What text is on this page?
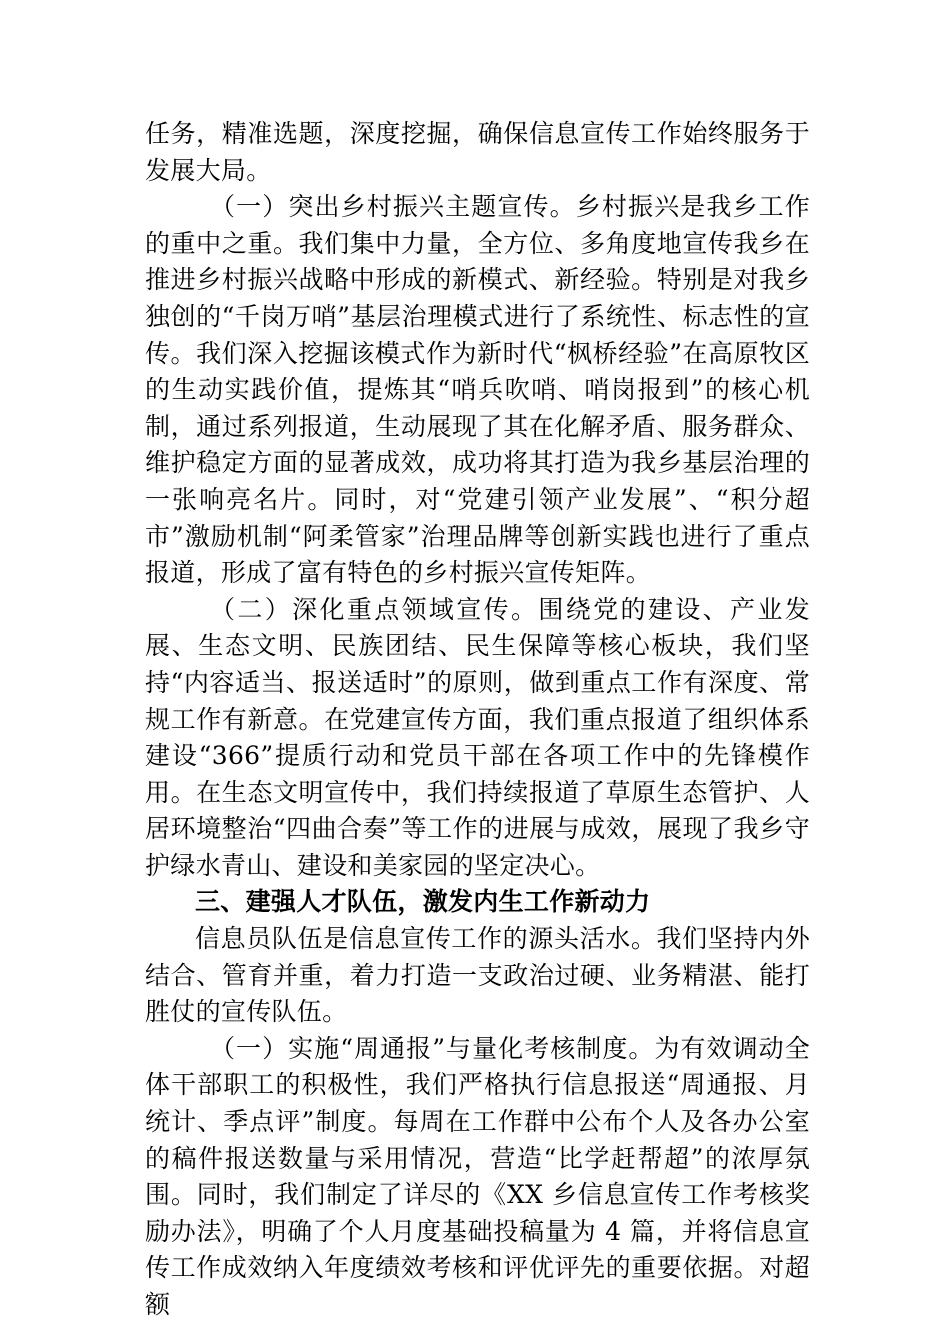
任务，精准选题，深度挖掘，确保信息宣传工作始终服务于发展大局。

（一）突出乡村振兴主题宣传。乡村振兴是我乡工作的重中之重。我们集中力量，全方位、多角度地宣传我乡在推进乡村振兴战略中形成的新模式、新经验。特别是对我乡独创的“千岗万哨”基层治理模式进行了系统性、标志性的宣传。我们深入挖掘该模式作为新时代“枫桥经验”在高原牧区的生动实践价值，提炼其“哨兵吹哨、哨岗报到”的核心机制，通过系列报道，生动展现了其在化解矛盾、服务群众、维护稳定方面的显著成效，成功将其打造为我乡基层治理的一张响亮名片。同时，对“党建引领产业发展”、“积分超市”激励机制“阿柔管家”治理品牌等创新实践也进行了重点报道，形成了富有特色的乡村振兴宣传矩阵。

（二）深化重点领域宣传。围绕党的建设、产业发展、生态文明、民族团结、民生保障等核心板块，我们坚持“内容适当、报送适时”的原则，做到重点工作有深度、常规工作有新意。在党建宣传方面，我们重点报道了组织体系建设“366”提质行动和党员干部在各项工作中的先锋模作用。在生态文明宣传中，我们持续报道了草原生态管护、人居环境整治“四曲合奏”等工作的进展与成效，展现了我乡守护绿水青山、建设和美家园的坚定决心。

三、建强人才队伍，激发内生工作新动力

信息员队伍是信息宣传工作的源头活水。我们坚持内外结合、管育并重，着力打造一支政治过硬、业务精湛、能打胜仗的宣传队伍。

（一）实施“周通报”与量化考核制度。为有效调动全体干部职工的积极性，我们严格执行信息报送“周通报、月统计、季点评”制度。每周在工作群中公布个人及各办公室的稿件报送数量与采用情况，营造“比学赶帮超”的浓厚氛围。同时，我们制定了详尽的《XX 乡信息宣传工作考核奖励办法》，明确了个人月度基础投稿量为 4 篇，并将信息宣传工作成效纳入年度绩效考核和评优评先的重要依据。对超额
